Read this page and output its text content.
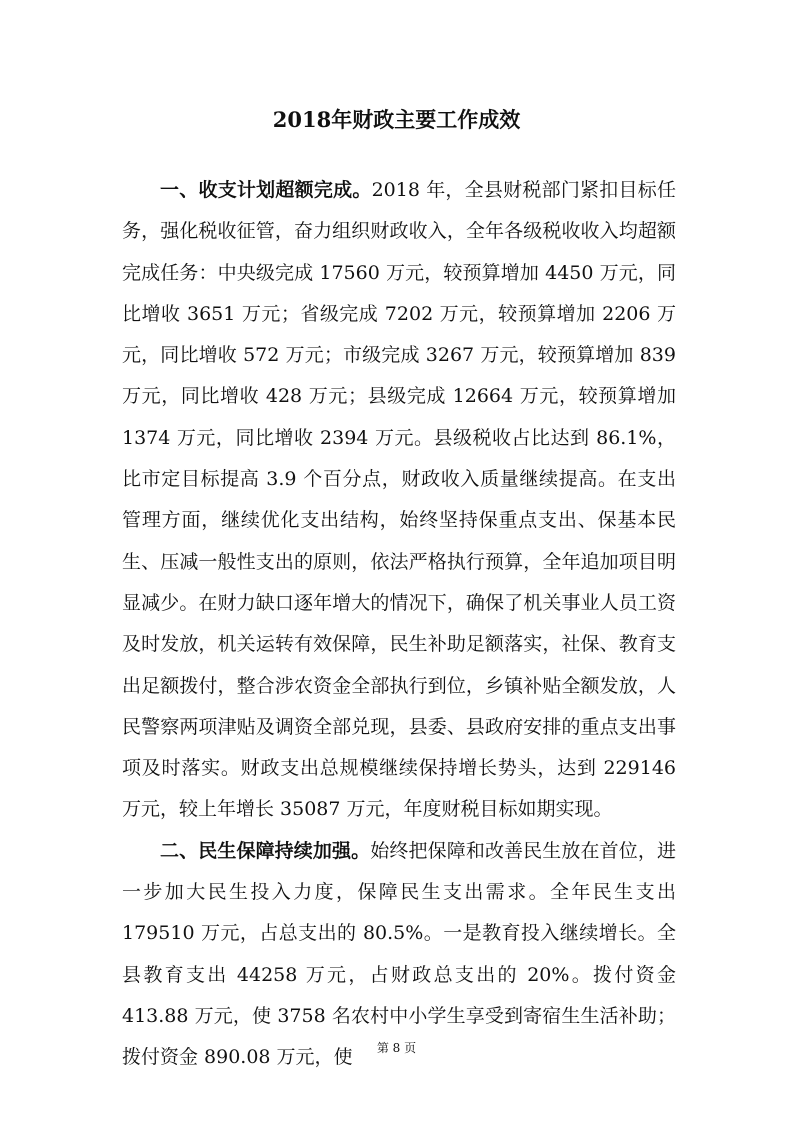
2018年财政主要工作成效

一、收支计划超额完成。2018 年，全县财税部门紧扣目标任务，强化税收征管，奋力组织财政收入，全年各级税收收入均超额完成任务：中央级完成 17560 万元，较预算增加 4450 万元，同比增收 3651 万元；省级完成 7202 万元，较预算增加 2206 万元，同比增收 572 万元；市级完成 3267 万元，较预算增加 839 万元，同比增收 428 万元；县级完成 12664 万元，较预算增加 1374 万元，同比增收 2394 万元。县级税收占比达到 86.1%，比市定目标提高 3.9 个百分点，财政收入质量继续提高。在支出管理方面，继续优化支出结构，始终坚持保重点支出、保基本民生、压减一般性支出的原则，依法严格执行预算，全年追加项目明显减少。在财力缺口逐年增大的情况下，确保了机关事业人员工资及时发放，机关运转有效保障，民生补助足额落实，社保、教育支出足额拨付，整合涉农资金全部执行到位，乡镇补贴全额发放，人民警察两项津贴及调资全部兑现，县委、县政府安排的重点支出事项及时落实。财政支出总规模继续保持增长势头，达到 229146 万元，较上年增长 35087 万元，年度财税目标如期实现。

二、民生保障持续加强。始终把保障和改善民生放在首位，进一步加大民生投入力度，保障民生支出需求。全年民生支出 179510 万元，占总支出的 80.5%。一是教育投入继续增长。全县教育支出 44258 万元，占财政总支出的 20%。拨付资金 413.88 万元，使 3758 名农村中小学生享受到寄宿生生活补助；拨付资金 890.08 万元，使	第 8 页
